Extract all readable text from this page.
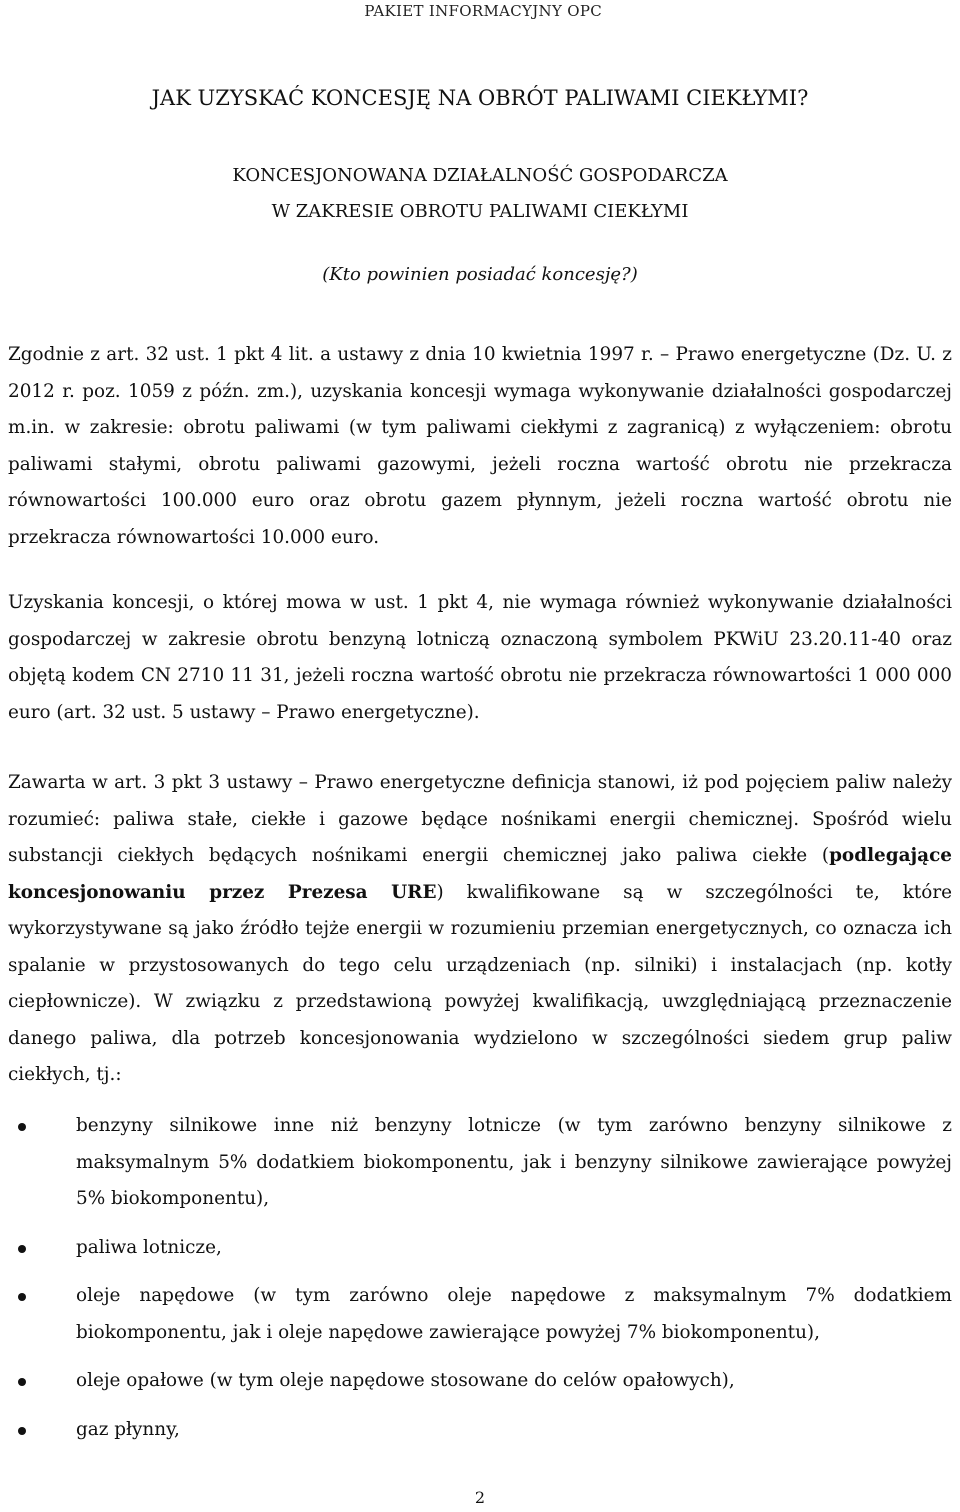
PAKIET INFORMACYJNY OPC
JAK UZYSKAĆ KONCESJĘ NA OBRÓT PALIWAMI CIEKŁYMI?
KONCESJONOWANA DZIAŁALNOŚĆ GOSPODARCZA
W ZAKRESIE OBROTU PALIWAMI CIEKŁYMI
(Kto powinien posiadać koncesję?)

Zgodnie z art. 32 ust. 1 pkt 4 lit. a ustawy z dnia 10 kwietnia 1997 r. – Prawo energetyczne (Dz. U. z 2012 r. poz. 1059 z późn. zm.), uzyskania koncesji wymaga wykonywanie działalności gospodarczej m.in. w zakresie: obrotu paliwami (w tym paliwami ciekłymi z zagranicą) z wyłączeniem: obrotu paliwami stałymi, obrotu paliwami gazowymi, jeżeli roczna wartość obrotu nie przekracza równowartości 100.000 euro oraz obrotu gazem płynnym, jeżeli roczna wartość obrotu nie przekracza równowartości 10.000 euro.

Uzyskania koncesji, o której mowa w ust. 1 pkt 4, nie wymaga również wykonywanie działalności gospodarczej w zakresie obrotu benzyną lotniczą oznaczoną symbolem PKWiU 23.20.11-40 oraz objętą kodem CN 2710 11 31, jeżeli roczna wartość obrotu nie przekracza równowartości 1 000 000 euro (art. 32 ust. 5 ustawy – Prawo energetyczne).

Zawarta w art. 3 pkt 3 ustawy – Prawo energetyczne definicja stanowi, iż pod pojęciem paliw należy rozumieć: paliwa stałe, ciekłe i gazowe będące nośnikami energii chemicznej. Spośród wielu substancji ciekłych będących nośnikami energii chemicznej jako paliwa ciekłe (podlegające koncesjonowaniu przez Prezesa URE) kwalifikowane są w szczególności te, które wykorzystywane są jako źródło tejże energii w rozumieniu przemian energetycznych, co oznacza ich spalanie w przystosowanych do tego celu urządzeniach (np. silniki) i instalacjach (np. kotły ciepłownicze). W związku z przedstawioną powyżej kwalifikacją, uwzględniającą przeznaczenie danego paliwa, dla potrzeb koncesjonowania wydzielono w szczególności siedem grup paliw ciekłych, tj.:

benzyny silnikowe inne niż benzyny lotnicze (w tym zarówno benzyny silnikowe z maksymalnym 5% dodatkiem biokomponentu, jak i benzyny silnikowe zawierające powyżej 5% biokomponentu),
paliwa lotnicze,
oleje napędowe (w tym zarówno oleje napędowe z maksymalnym 7% dodatkiem biokomponentu, jak i oleje napędowe zawierające powyżej 7% biokomponentu),
oleje opałowe (w tym oleje napędowe stosowane do celów opałowych),
gaz płynny,
2
